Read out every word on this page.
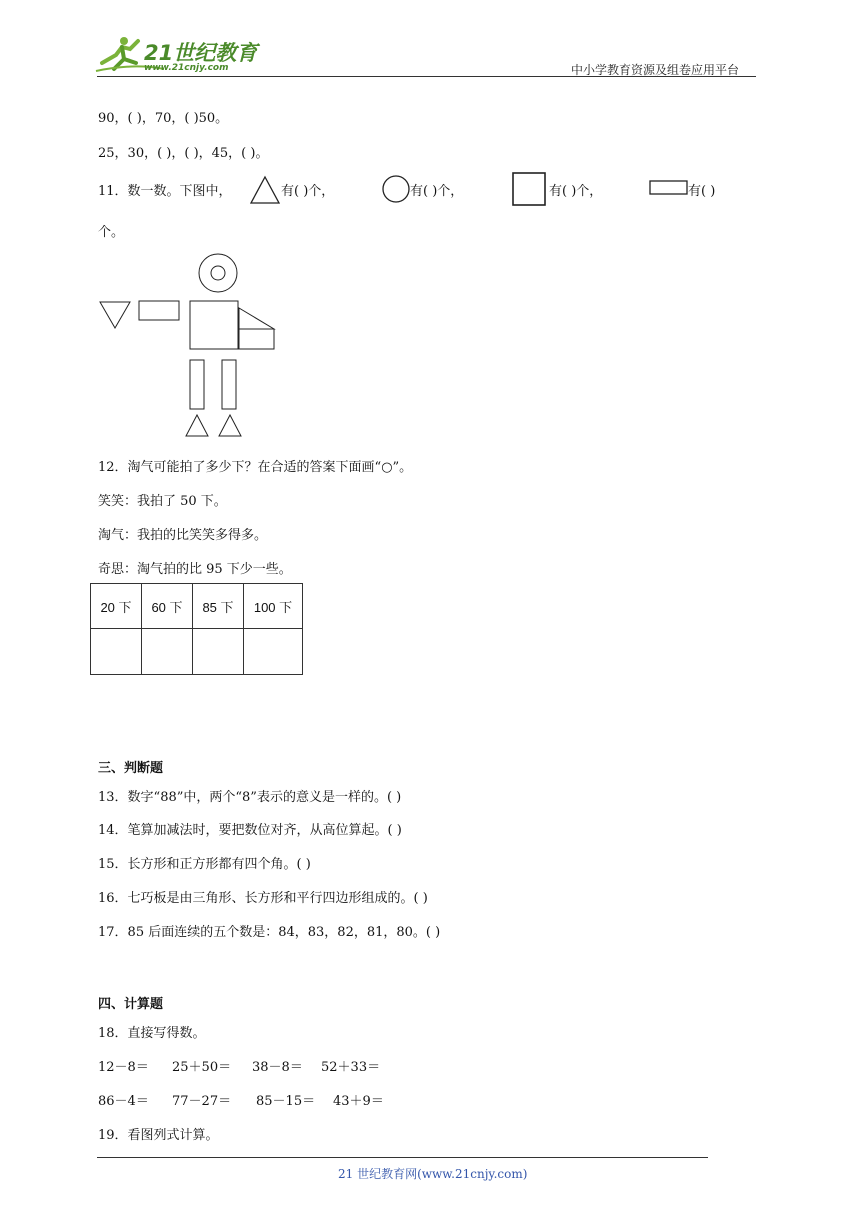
21世纪教育
www.21cnjy.com	中小学教育资源及组卷应用平台
90，( )，70，( )50。
25，30，( )，( )，45，( )。
11．数一数。下图中，	有( )个，	有( )个，	有( )个，	有( )
个。
12．淘气可能拍了多少下？在合适的答案下面画“○”。
笑笑：我拍了 50 下。
淘气：我拍的比笑笑多得多。
奇思：淘气拍的比 95 下少一些。
20 下	60 下	85 下	100 下

三、判断题
13．数字“88”中，两个“8”表示的意义是一样的。( )
14．笔算加减法时，要把数位对齐，从高位算起。( )
15．长方形和正方形都有四个角。( )
16．七巧板是由三角形、长方形和平行四边形组成的。( )
17．85 后面连续的五个数是：84，83，82，81，80。( )
四、计算题
18．直接写得数。
12－8＝ 25＋50＝ 38－8＝ 52＋33＝
86－4＝ 77－27＝ 85－15＝ 43＋9＝
19．看图列式计算。
21 世纪教育网(www.21cnjy.com)
